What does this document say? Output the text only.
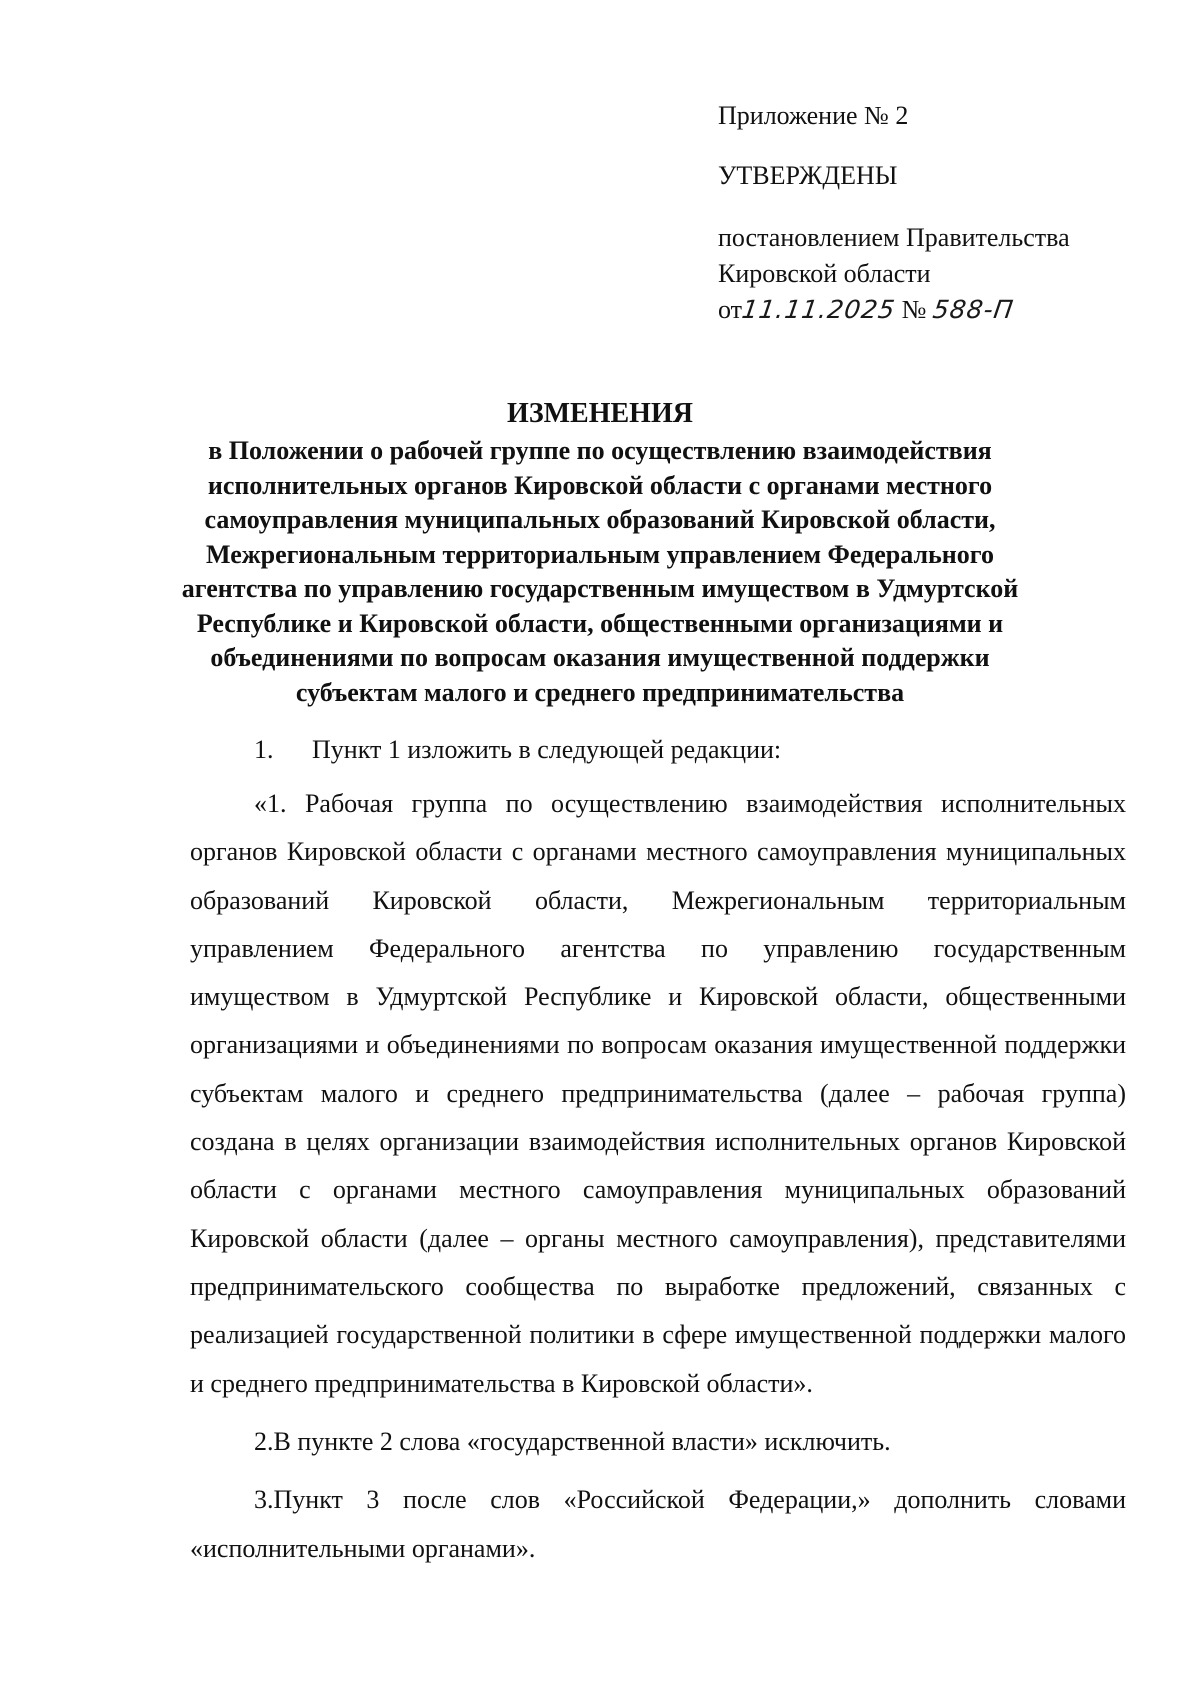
Приложение № 2
УТВЕРЖДЕНЫ
постановлением Правительства
Кировской области
от11.11.2025 № 588-П
ИЗМЕНЕНИЯ
в Положении о рабочей группе по осуществлению взаимодействия
исполнительных органов Кировской области с органами местного
самоуправления муниципальных образований Кировской области,
Межрегиональным территориальным управлением Федерального
агентства по управлению государственным имуществом в Удмуртской
Республике и Кировской области, общественными организациями и
объединениями по вопросам оказания имущественной поддержки
субъектам малого и среднего предпринимательства

1. Пункт 1 изложить в следующей редакции:

«1. Рабочая группа по осуществлению взаимодействия исполнительных органов Кировской области с органами местного самоуправления муниципальных образований Кировской области, Межрегиональным территориальным управлением Федерального агентства по управлению государственным имуществом в Удмуртской Республике и Кировской области, общественными организациями и объединениями по вопросам оказания имущественной поддержки субъектам малого и среднего предпринимательства (далее – рабочая группа) создана в целях организации взаимодействия исполнительных органов Кировской области с органами местного самоуправления муниципальных образований Кировской области (далее – органы местного самоуправления), представителями предпринимательского сообщества по выработке предложений, связанных с реализацией государственной политики в сфере имущественной поддержки малого и среднего предпринимательства в Кировской области».

2.В пункте 2 слова «государственной власти» исключить.

3.Пункт 3 после слов «Российской Федерации,» дополнить словами «исполнительными органами».
